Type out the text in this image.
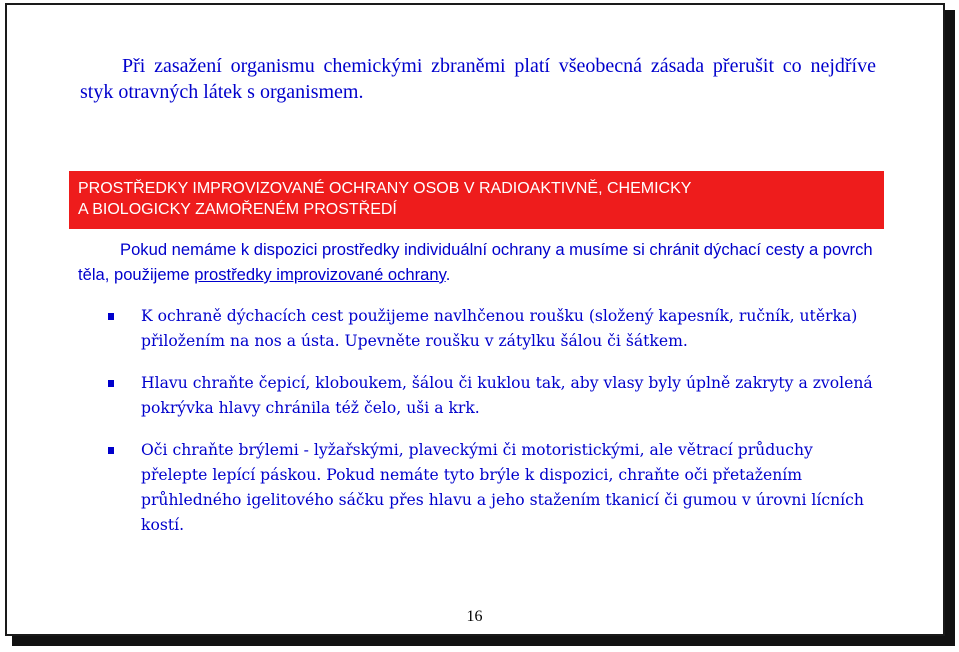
Při zasažení organismu chemickými zbraněmi platí všeobecná zásada přerušit co nejdříve styk otravných látek s organismem.

PROSTŘEDKY IMPROVIZOVANÉ OCHRANY OSOB V RADIOAKTIVNĚ, CHEMICKY
A BIOLOGICKY ZAMOŘENÉM PROSTŘEDÍ

Pokud nemáme k dispozici prostředky individuální ochrany a musíme si chránit dýchací cesty a povrch těla, použijeme prostředky improvizované ochrany.

K ochraně dýchacích cest použijeme navlhčenou roušku (složený kapesník, ručník, utěrka) přiložením na nos a ústa. Upevněte roušku v zátylku šálou či šátkem.
Hlavu chraňte čepicí, kloboukem, šálou či kuklou tak, aby vlasy byly úplně zakryty a zvolená pokrývka hlavy chránila též čelo, uši a krk.
Oči chraňte brýlemi - lyžařskými, plaveckými či motoristickými, ale větrací průduchy přelepte lepící páskou. Pokud nemáte tyto brýle k dispozici, chraňte oči přetažením průhledného igelitového sáčku přes hlavu a jeho stažením tkanicí či gumou v úrovni lícních kostí.
16
